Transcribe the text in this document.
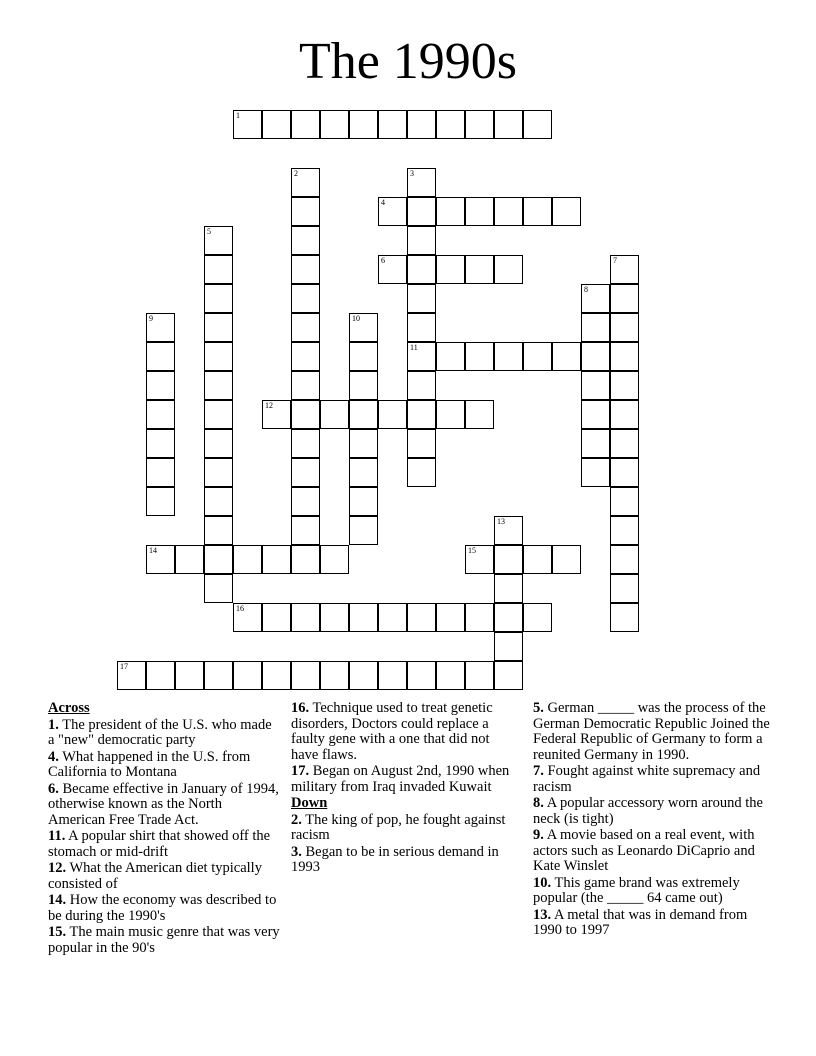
The 1990s
1
2	3
4
5
6	7
8
9	10
11
12
13
14	15
16
17
Across
1. The president of the U.S. who made a "new" democratic party
4. What happened in the U.S. from California to Montana
6. Became effective in January of 1994, otherwise known as the North American Free Trade Act.
11. A popular shirt that showed off the stomach or mid-drift
12. What the American diet typically consisted of
14. How the economy was described to be during the 1990's
15. The main music genre that was very popular in the 90's
16. Technique used to treat genetic disorders, Doctors could replace a faulty gene with a one that did not have flaws.
17. Began on August 2nd, 1990 when military from Iraq invaded Kuwait
Down
2. The king of pop, he fought against racism
3. Began to be in serious demand in 1993
5. German _____ was the process of the German Democratic Republic Joined the Federal Republic of Germany to form a reunited Germany in 1990.
7. Fought against white supremacy and racism
8. A popular accessory worn around the neck (is tight)
9. A movie based on a real event, with actors such as Leonardo DiCaprio and Kate Winslet
10. This game brand was extremely popular (the _____ 64 came out)
13. A metal that was in demand from 1990 to 1997
